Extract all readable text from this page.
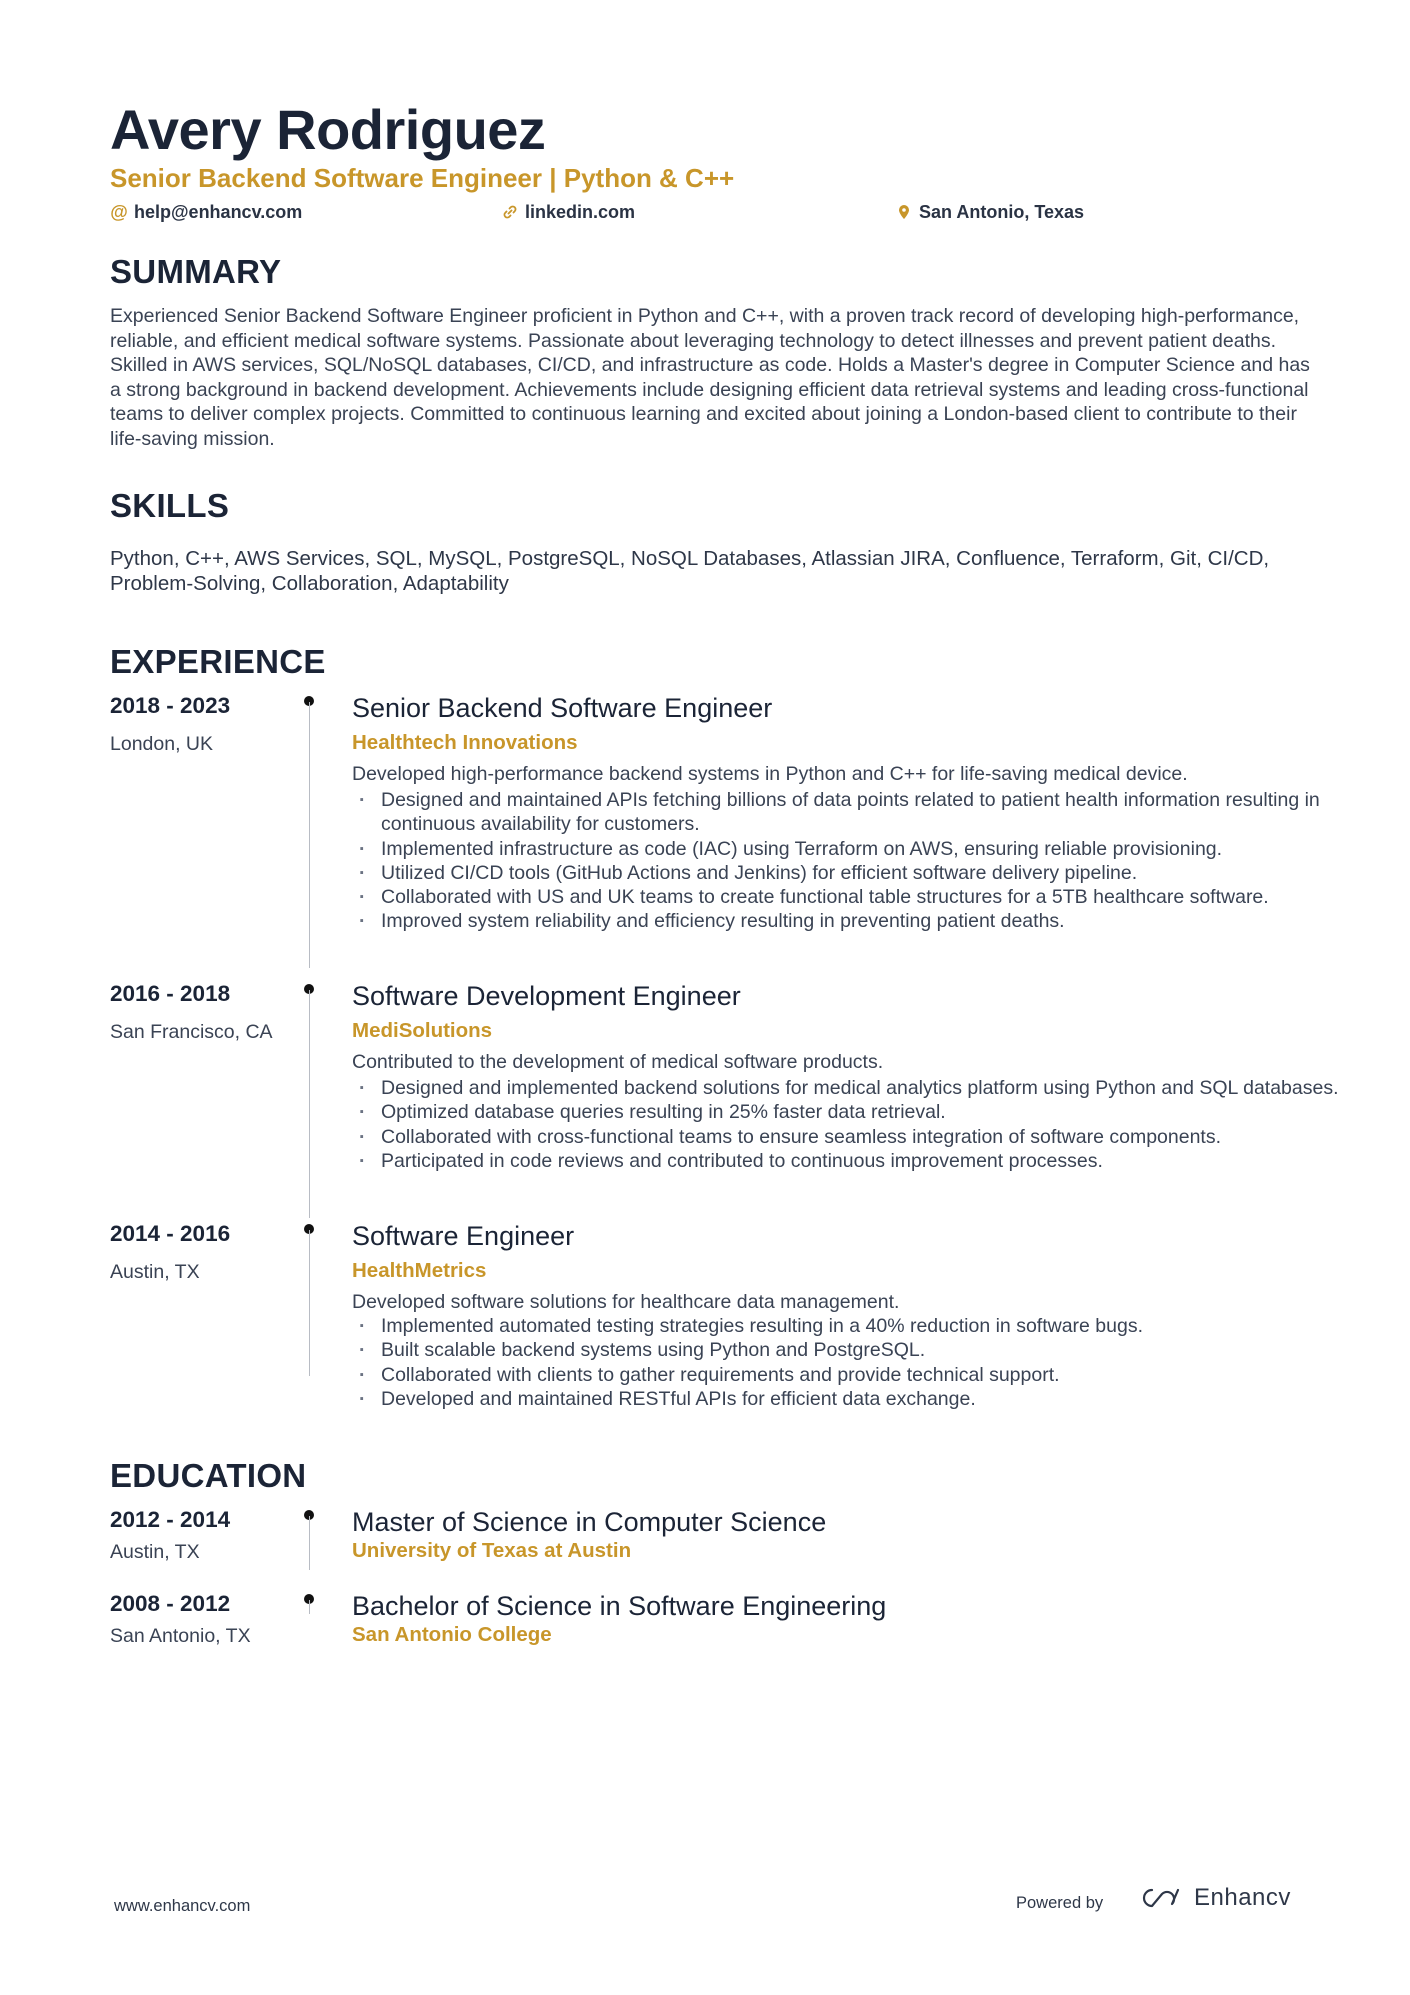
Avery Rodriguez
Senior Backend Software Engineer | Python & C++
@ help@enhancv.com	linkedin.com	San Antonio, Texas
SUMMARY
Experienced Senior Backend Software Engineer proficient in Python and C++, with a proven track record of developing high-performance, reliable, and efficient medical software systems. Passionate about leveraging technology to detect illnesses and prevent patient deaths. Skilled in AWS services, SQL/NoSQL databases, CI/CD, and infrastructure as code. Holds a Master's degree in Computer Science and has a strong background in backend development. Achievements include designing efficient data retrieval systems and leading cross-functional teams to deliver complex projects. Committed to continuous learning and excited about joining a London-based client to contribute to their life-saving mission.
SKILLS
Python, C++, AWS Services, SQL, MySQL, PostgreSQL, NoSQL Databases, Atlassian JIRA, Confluence, Terraform, Git, CI/CD, Problem-Solving, Collaboration, Adaptability
EXPERIENCE
2018 - 2023
London, UK
Senior Backend Software Engineer
Healthtech Innovations
Developed high-performance backend systems in Python and C++ for life-saving medical device.
· Designed and maintained APIs fetching billions of data points related to patient health information resulting in continuous availability for customers.
· Implemented infrastructure as code (IAC) using Terraform on AWS, ensuring reliable provisioning.
· Utilized CI/CD tools (GitHub Actions and Jenkins) for efficient software delivery pipeline.
· Collaborated with US and UK teams to create functional table structures for a 5TB healthcare software.
· Improved system reliability and efficiency resulting in preventing patient deaths.
2016 - 2018
San Francisco, CA
Software Development Engineer
MediSolutions
Contributed to the development of medical software products.
· Designed and implemented backend solutions for medical analytics platform using Python and SQL databases.
· Optimized database queries resulting in 25% faster data retrieval.
· Collaborated with cross-functional teams to ensure seamless integration of software components.
· Participated in code reviews and contributed to continuous improvement processes.
2014 - 2016
Austin, TX
Software Engineer
HealthMetrics
Developed software solutions for healthcare data management.
· Implemented automated testing strategies resulting in a 40% reduction in software bugs.
· Built scalable backend systems using Python and PostgreSQL.
· Collaborated with clients to gather requirements and provide technical support.
· Developed and maintained RESTful APIs for efficient data exchange.
EDUCATION
2012 - 2014
Austin, TX
Master of Science in Computer Science
University of Texas at Austin
2008 - 2012
San Antonio, TX
Bachelor of Science in Software Engineering
San Antonio College
www.enhancv.com	Powered by	Enhancv
